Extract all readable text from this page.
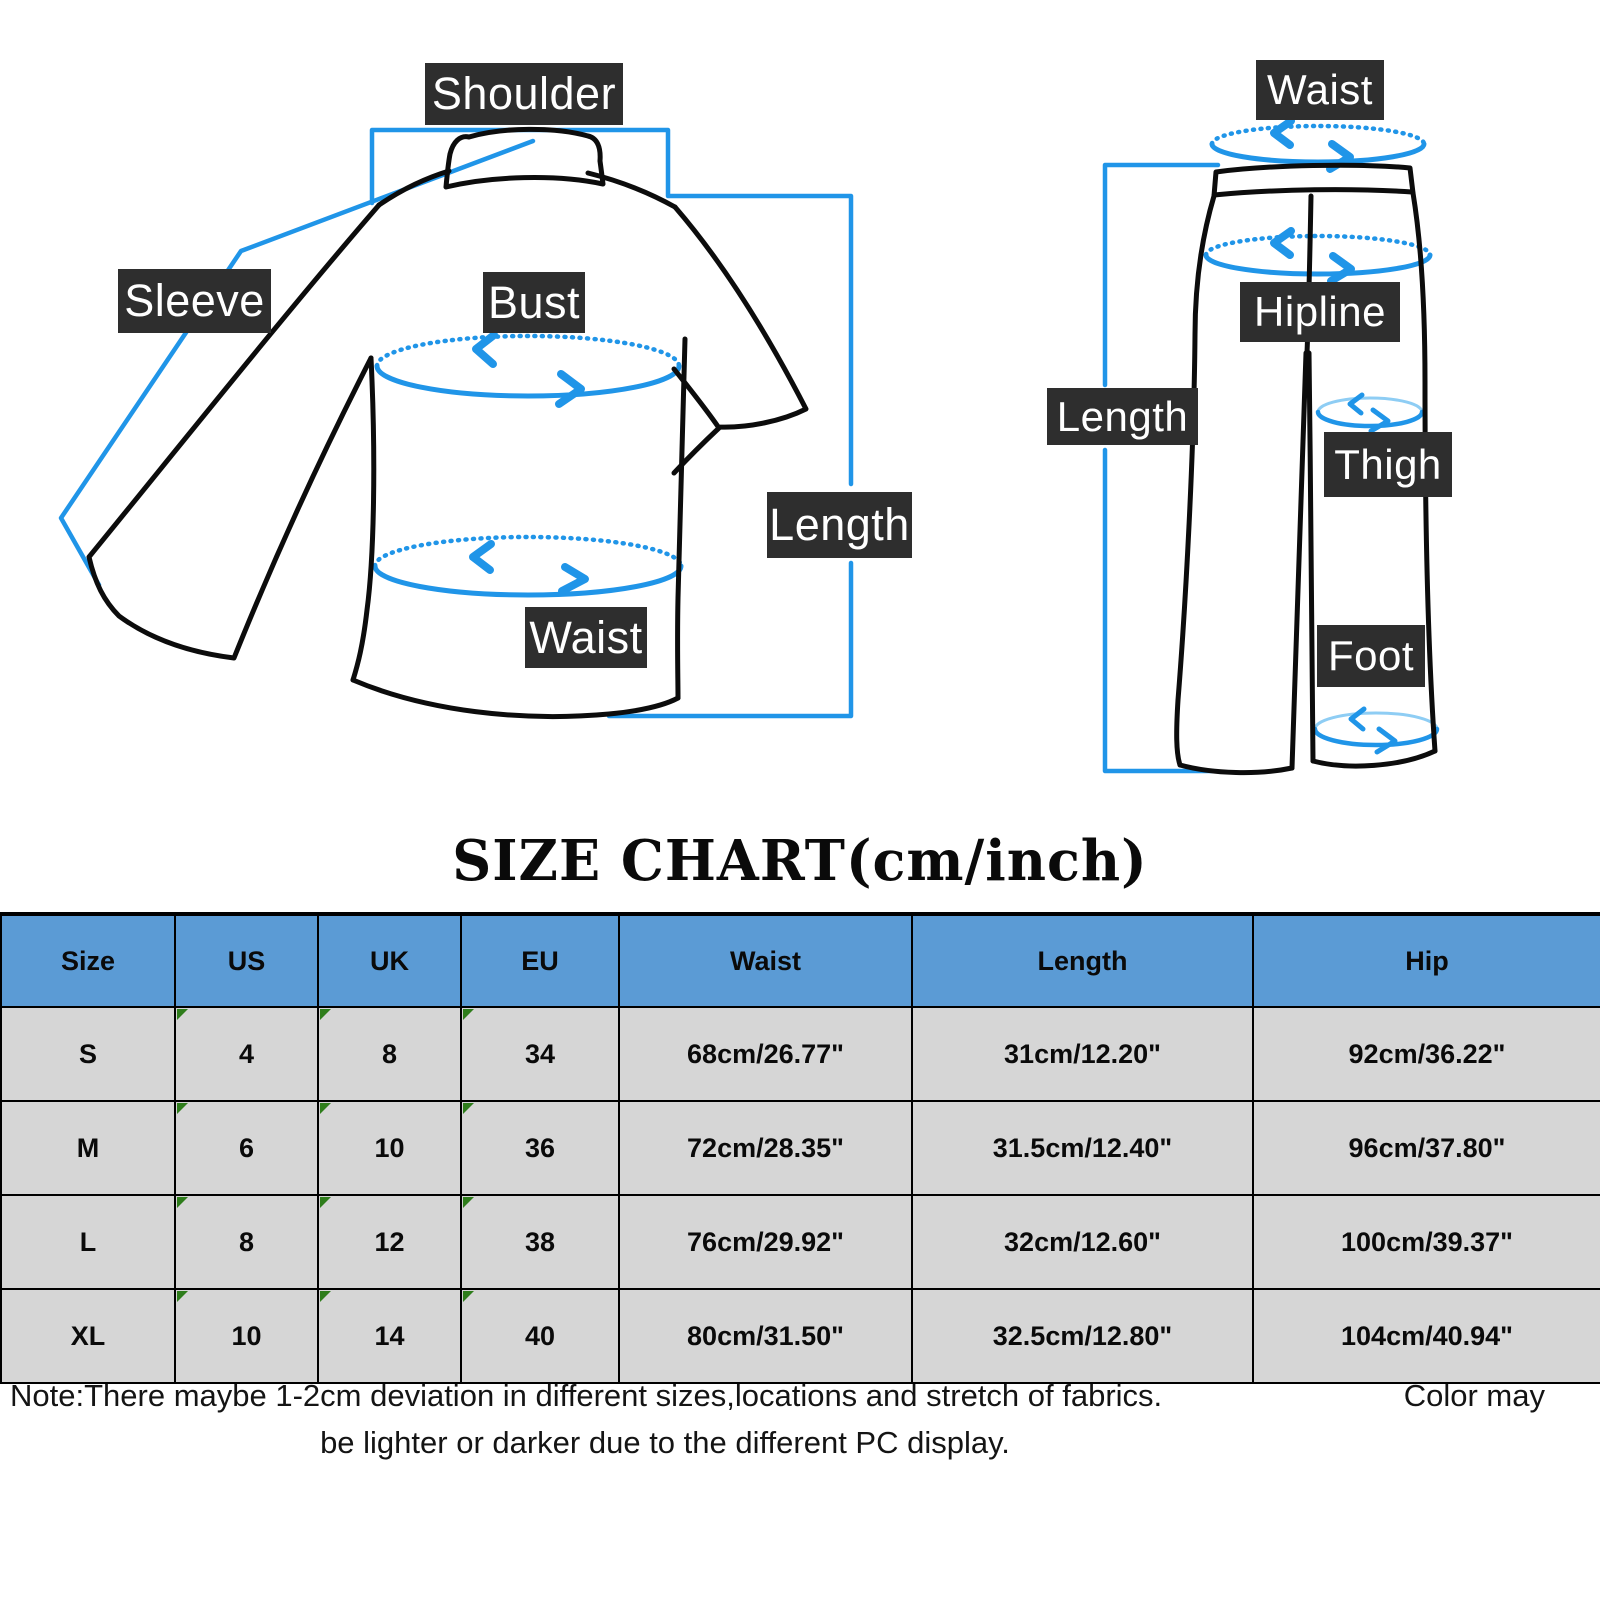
Shoulder
Sleeve	Bust
Length
Waist
Waist
Hipline
Length
Thigh
Foot
SIZE CHART(cm/inch)
Size	US	UK	EU	Waist	Length	Hip
S	4	8	34	68cm/26.77"	31cm/12.20"	92cm/36.22"
M	6	10	36	72cm/28.35"	31.5cm/12.40"	96cm/37.80"
L	8	12	38	76cm/29.92"	32cm/12.60"	100cm/39.37"
XL	10	14	40	80cm/31.50"	32.5cm/12.80"	104cm/40.94"
Note:There maybe 1-2cm deviation in different sizes,locations and stretch of fabrics.	Color may
be lighter or darker due to the different PC display.
